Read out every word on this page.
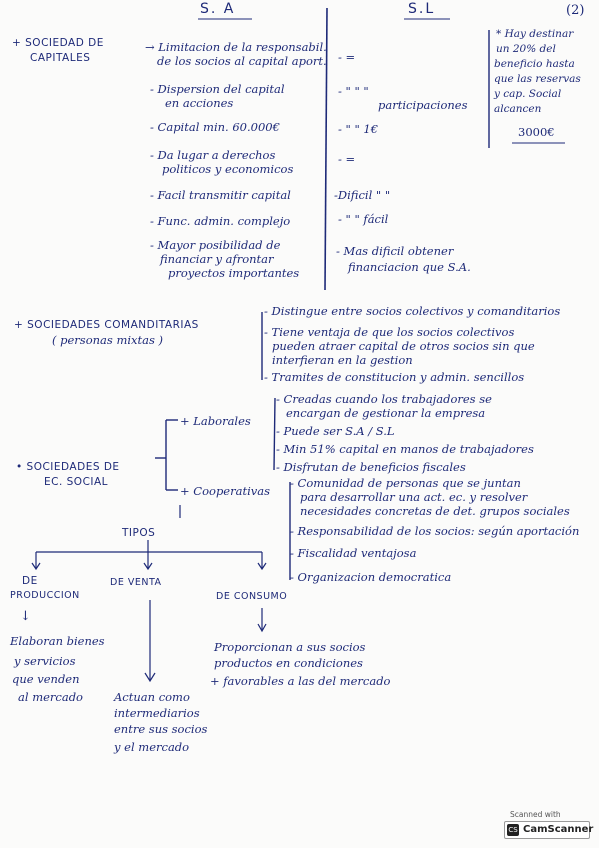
(2)
S. A	S.L
+ SOCIEDAD DE
CAPITALES
→ Limitacion de la responsabil.
de los socios al capital aport.
- Dispersion del capital
en acciones
- Capital min. 60.000€
- Da lugar a derechos
politicos y economicos
- Facil transmitir capital
- Func. admin. complejo
- Mayor posibilidad de
financiar y afrontar
proyectos importantes
- =
- " " "
participaciones
- " " 1€
- =
-Dificil " "
- " " fácil
- Mas dificil obtener
financiacion que S.A.
* Hay destinar
un 20% del
beneficio hasta
que las reservas
y cap. Social
alcancen
3000€
+ SOCIEDADES COMANDITARIAS
( personas mixtas )
- Distingue entre socios colectivos y comanditarios
- Tiene ventaja de que los socios colectivos
pueden atraer capital de otros socios sin que
interfieran en la gestion
- Tramites de constitucion y admin. sencillos
• SOCIEDADES DE
EC. SOCIAL
+ Laborales
- Creadas cuando los trabajadores se
encargan de gestionar la empresa
- Puede ser S.A / S.L
- Min 51% capital en manos de trabajadores
- Disfrutan de beneficios fiscales
+ Cooperativas
- Comunidad de personas que se juntan
para desarrollar una act. ec. y resolver
necesidades concretas de det. grupos sociales
- Responsabilidad de los socios: según aportación
- Fiscalidad ventajosa
- Organizacion democratica
TIPOS
DE
PRODUCCION
↓
Elaboran bienes
y servicios
que venden
al mercado
DE VENTA
Actuan como
intermediarios
entre sus socios
y el mercado
DE CONSUMO
Proporcionan a sus socios
productos en condiciones
+ favorables a las del mercado
Scanned with
CS CamScanner
